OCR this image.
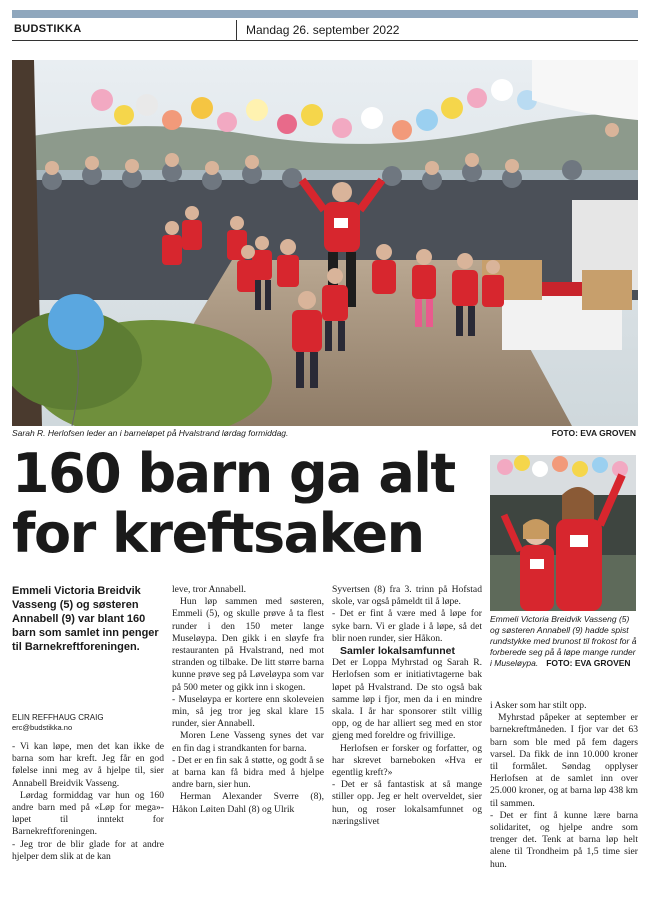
BUDSTIKKA	Mandag 26. september 2022
Sarah R. Herlofsen leder an i barneløpet på Hvalstrand lørdag formiddag.	FOTO: EVA GROVEN
160 barn ga alt for kreftsaken
Emmeli Victoria Breidvik Vasseng (5) og søsteren Annabell (9) hadde spist rundstykke med brunost til frokost for å forberede seg på å løpe mange runder i Museløypa. FOTO: EVA GROVEN

Emmeli Victoria Breidvik Vasseng (5) og søsteren Annabell (9) var blant 160 barn som samlet inn penger til Barnekreftforeningen.

ELIN REFFHAUG CRAIG
erc@budstikka.no

- Vi kan løpe, men det kan ikke de barna som har kreft. Jeg får en god følelse inni meg av å hjelpe til, sier Annabell Breidvik Vasseng.

Lørdag formiddag var hun og 160 andre barn med på «Løp for mega»-løpet til inntekt for Barnekreftforeningen.

- Jeg tror de blir glade for at andre hjelper dem slik at de kan

leve, tror Annabell.

Hun løp sammen med søsteren, Emmeli (5), og skulle prøve å ta flest runder i den 150 meter lange Museløypa. Den gikk i en sløyfe fra restauranten på Hvalstrand, ned mot stranden og tilbake. De litt større barna kunne prøve seg på Løveløypa som var på 500 meter og gikk inn i skogen.

- Museløypa er kortere enn skoleveien min, så jeg tror jeg skal klare 15 runder, sier Annabell.

Moren Lene Vasseng synes det var en fin dag i strandkanten for barna.

- Det er en fin sak å støtte, og godt å se at barna kan få bidra med å hjelpe andre barn, sier hun.

Herman Alexander Sverre (8), Håkon Løiten Dahl (8) og Ulrik

Syvertsen (8) fra 3. trinn på Hofstad skole, var også påmeldt til å løpe.

- Det er fint å være med å løpe for syke barn. Vi er glade i å løpe, så det blir noen runder, sier Håkon.

Samler lokalsamfunnet

Det er Loppa Myhrstad og Sarah R. Herlofsen som er initiativtagerne bak løpet på Hvalstrand. De sto også bak samme løp i fjor, men da i en mindre skala. I år har sponsorer stilt villig opp, og de har alliert seg med en stor gjeng med foreldre og frivillige.

Herlofsen er forsker og forfatter, og har skrevet barneboken «Hva er egentlig kreft?»

- Det er så fantastisk at så mange stiller opp. Jeg er helt overveldet, sier hun, og roser lokalsamfunnet og næringslivet

i Asker som har stilt opp.

Myhrstad påpeker at september er barnekreftmåneden. I fjor var det 63 barn som ble med på fem dagers varsel. Da fikk de inn 10.000 kroner til formålet. Søndag opplyser Herlofsen at de samlet inn over 25.000 kroner, og at barna løp 438 km til sammen.

- Det er fint å kunne lære barna solidaritet, og hjelpe andre som trenger det. Tenk at barna løp helt alene til Trondheim på 1,5 time sier hun.
